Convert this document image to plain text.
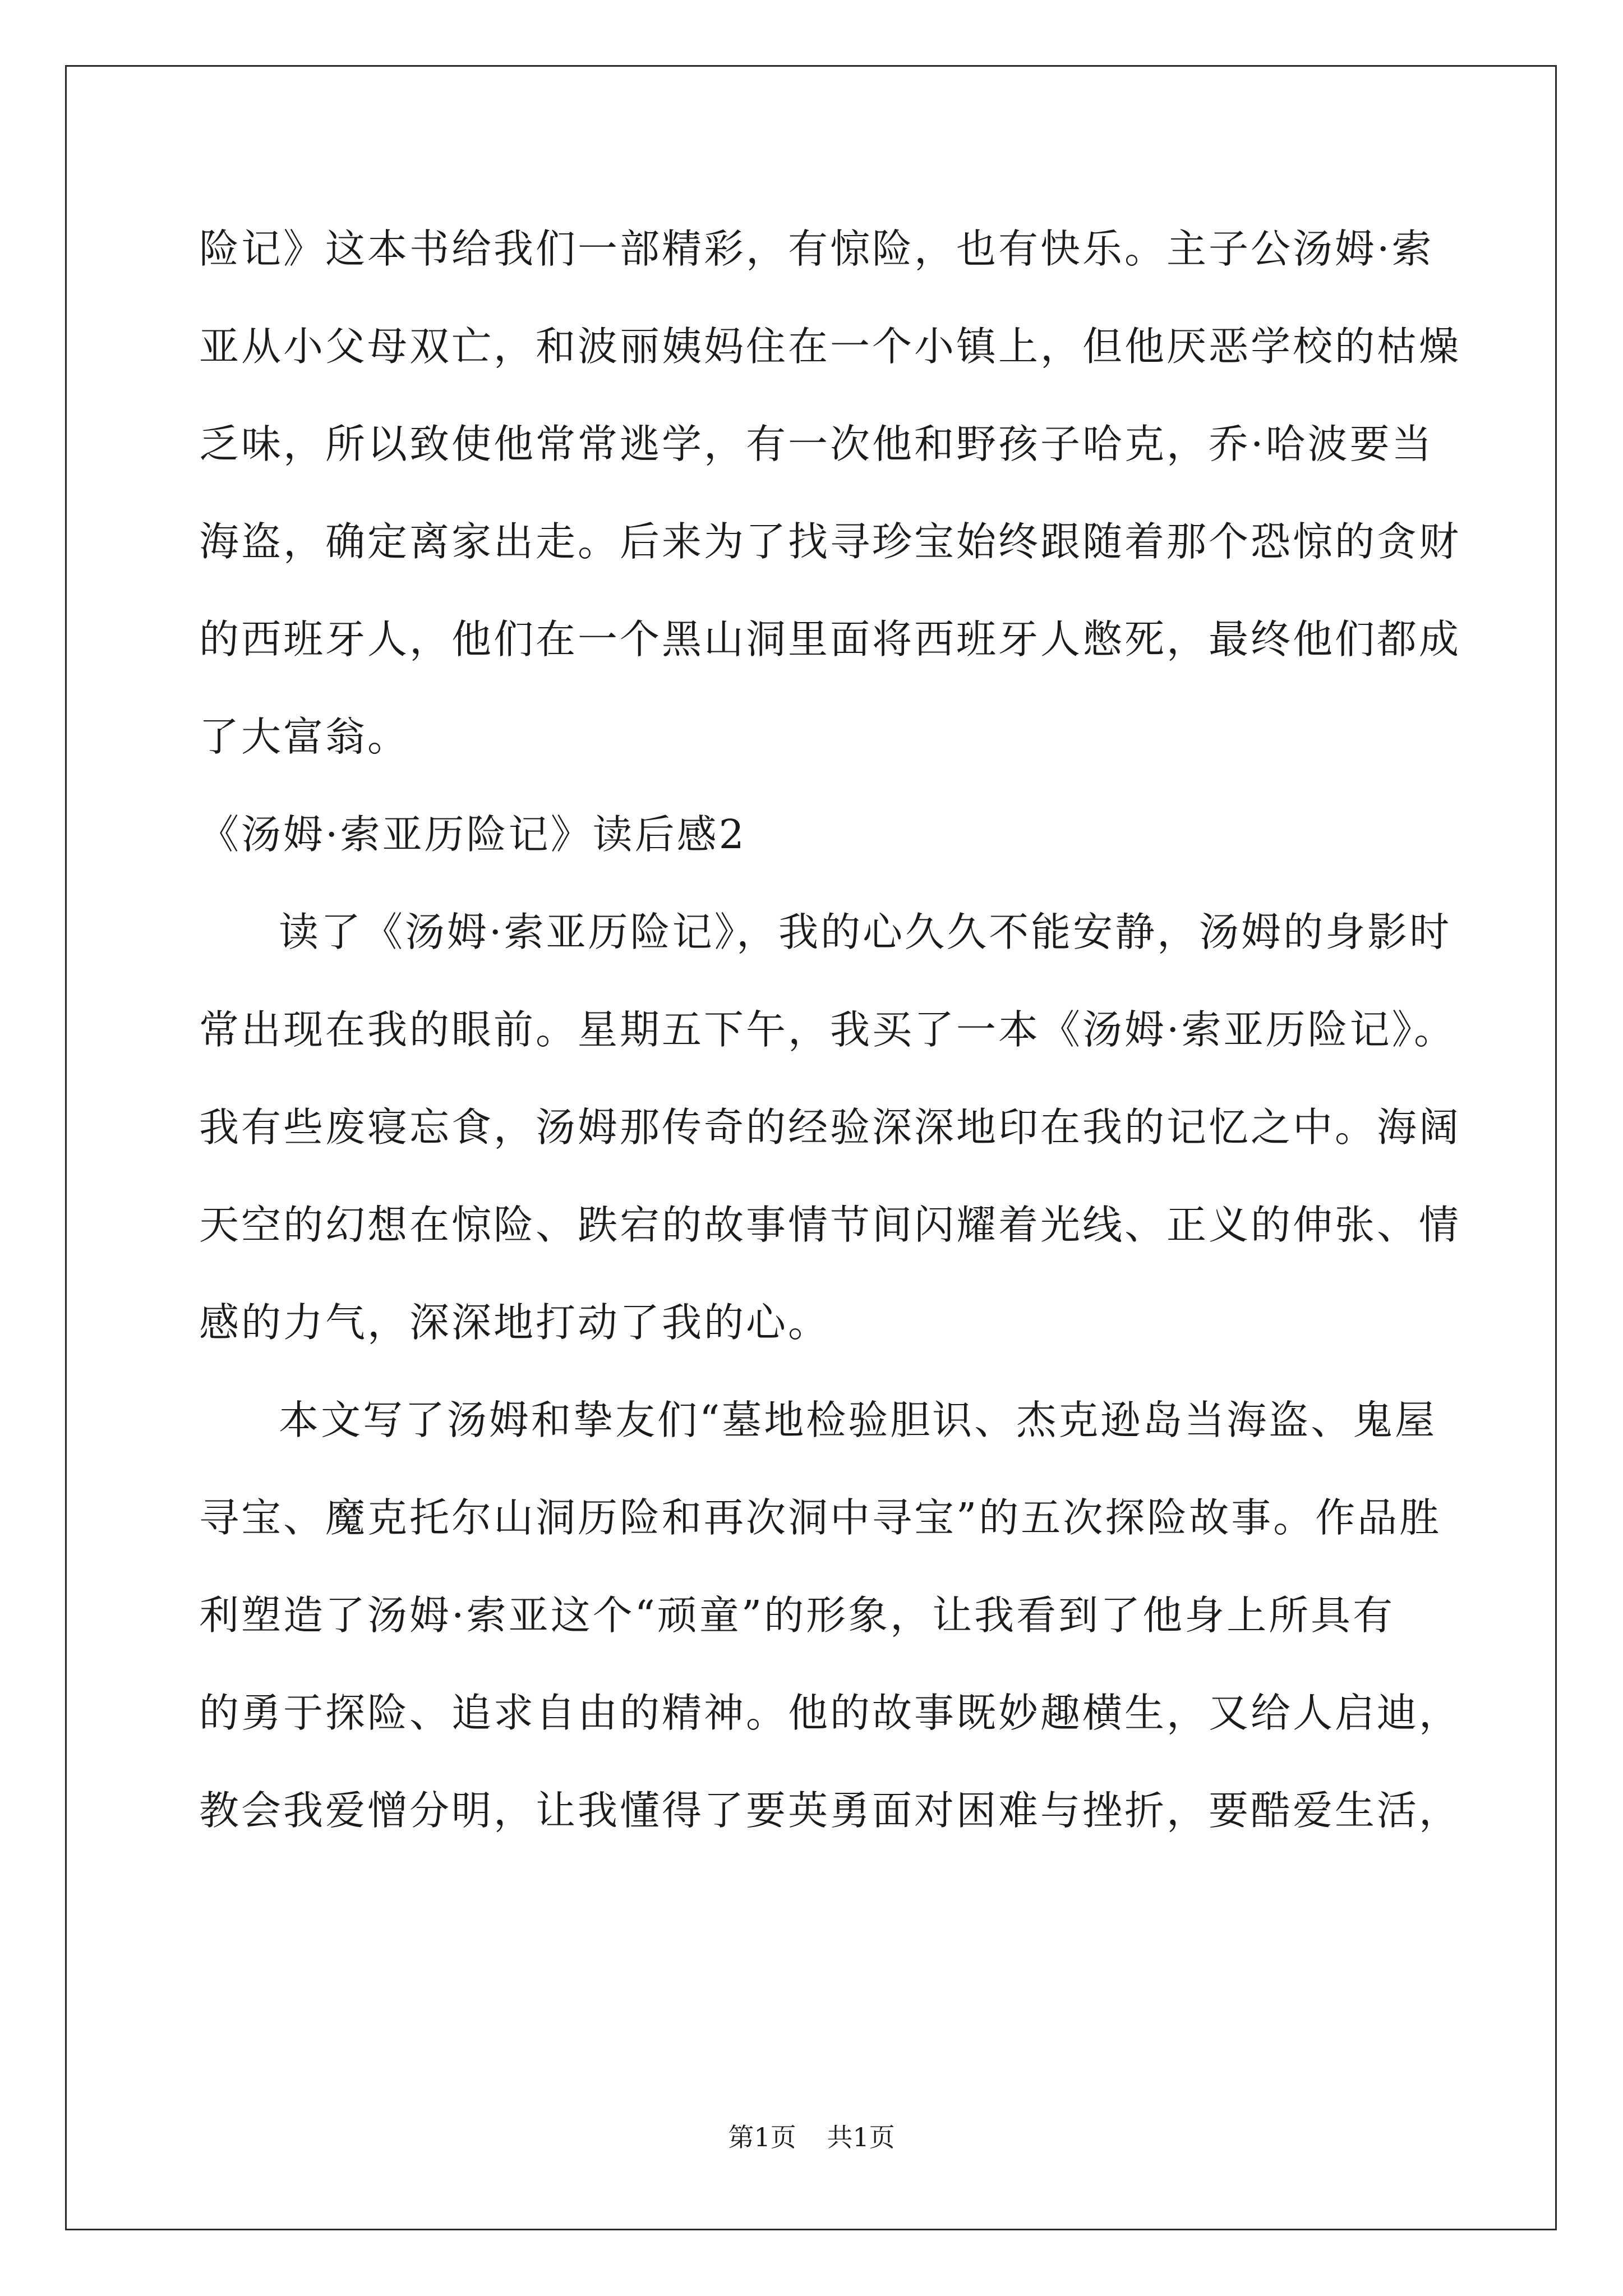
险记》这本书给我们一部精彩，有惊险，也有快乐。主子公汤姆·索
亚从小父母双亡，和波丽姨妈住在一个小镇上，但他厌恶学校的枯燥
乏味，所以致使他常常逃学，有一次他和野孩子哈克，乔·哈波要当
海盗，确定离家出走。后来为了找寻珍宝始终跟随着那个恐惊的贪财
的西班牙人，他们在一个黑山洞里面将西班牙人憋死，最终他们都成
了大富翁。
《汤姆·索亚历险记》读后感2
读了《汤姆·索亚历险记》，我的心久久不能安静，汤姆的身影时
常出现在我的眼前。星期五下午，我买了一本《汤姆·索亚历险记》。
我有些废寝忘食，汤姆那传奇的经验深深地印在我的记忆之中。海阔
天空的幻想在惊险、跌宕的故事情节间闪耀着光线、正义的伸张、情
感的力气，深深地打动了我的心。
本文写了汤姆和挚友们“墓地检验胆识、杰克逊岛当海盗、鬼屋
寻宝、魔克托尔山洞历险和再次洞中寻宝”的五次探险故事。作品胜
利塑造了汤姆·索亚这个“顽童”的形象，让我看到了他身上所具有
的勇于探险、追求自由的精神。他的故事既妙趣横生，又给人启迪，
教会我爱憎分明，让我懂得了要英勇面对困难与挫折，要酷爱生活，
第1页 共1页
